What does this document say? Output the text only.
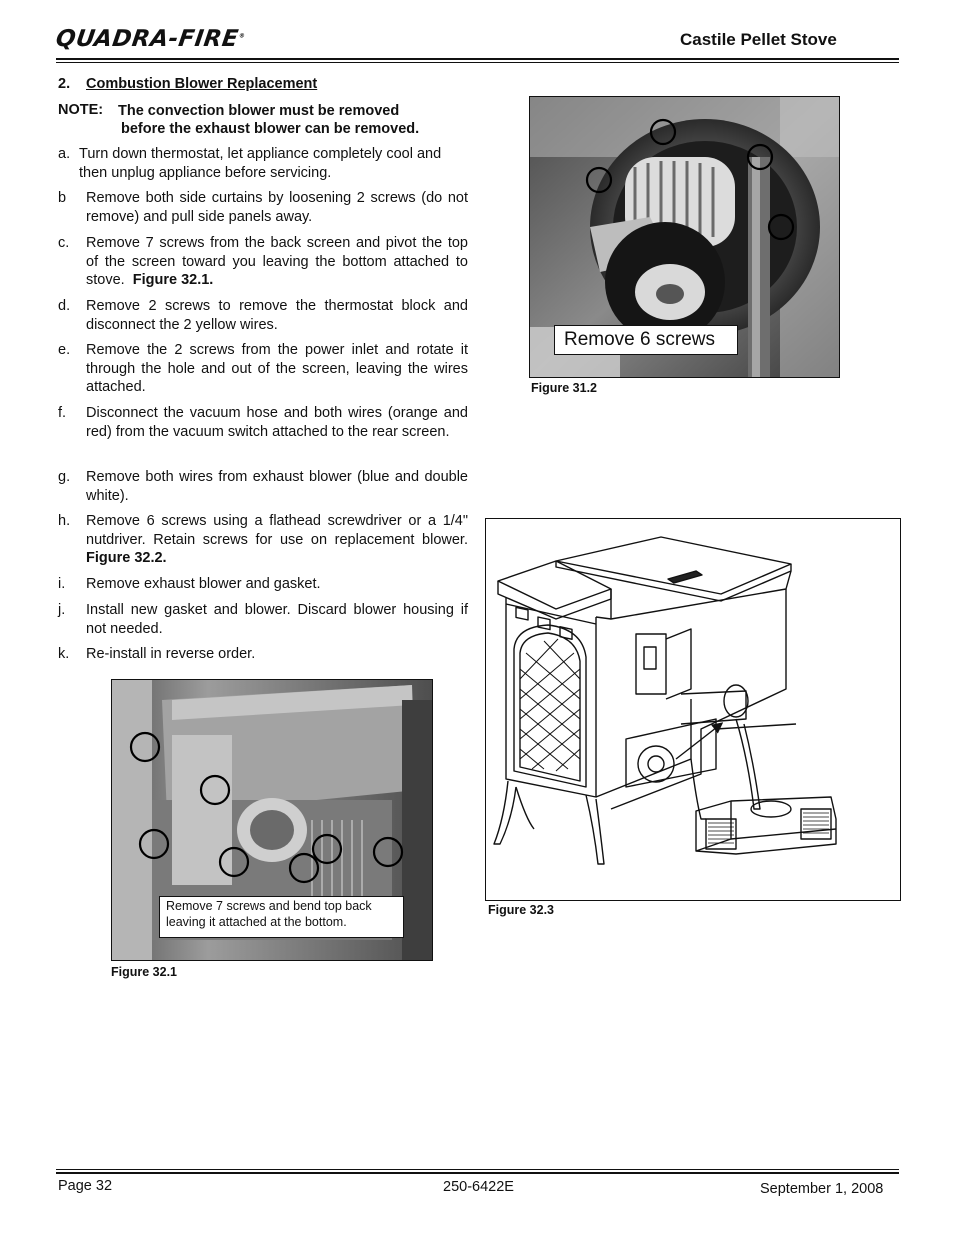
QUADRA-FIRE®	Castile Pellet Stove
2. Combustion Blower Replacement
NOTE: The convection blower must be removed
before the exhaust blower can be removed.
a. Turn down thermostat, let appliance completely cool and then unplug appliance before servicing.
b Remove both side curtains by loosening 2 screws (do not remove) and pull side panels away.
c. Remove 7 screws from the back screen and pivot the top of the screen toward you leaving the bottom attached to stove. Figure 32.1.
d. Remove 2 screws to remove the thermostat block and disconnect the 2 yellow wires.
e. Remove the 2 screws from the power inlet and rotate it through the hole and out of the screen, leaving the wires attached.
f. Disconnect the vacuum hose and both wires (orange and red) from the vacuum switch attached to the rear screen.
g. Remove both wires from exhaust blower (blue and double white).
h. Remove 6 screws using a flathead screwdriver or a 1/4" nutdriver. Retain screws for use on replacement blower. Figure 32.2.
i. Remove exhaust blower and gasket.
j. Install new gasket and blower. Discard blower housing if not needed.
k. Re-install in reverse order.
Remove 6 screws
Figure 31.2
Remove 7 screws and bend top back
leaving it attached at the bottom.
Figure 32.1
Figure 32.3
Page 32	250-6422E	September 1, 2008
